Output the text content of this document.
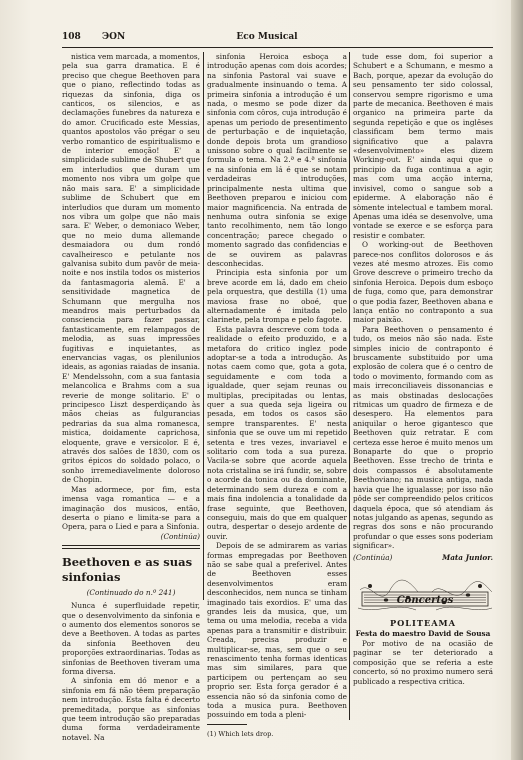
108 ЭОN	Eco Musical

nistica vem marcada, a momentos, pela sua garra dramatica. E é preciso que chegue Beethoven para que o piano, reflectindo todas as riquezas da sinfonia, diga os canticos, os silencios, e as declamações funebres da natureza e do amor. Crucificado este Messias, quantos apostolos vão prégar o seu verbo romantico de espiritualismo e de interior emoção! E' a simplicidade sublime de Shubert que em interludios que duram um momento nos vibra um golpe que não mais sara. E' a simplicidade sublime de Schubert que em interludios que duram um momento nos vibra um golpe que não mais sara. E' Weber, o demoniaco Weber, que no meio duma allemande desmaiadora ou dum rondó cavalheiresco e petulante nos galvanisa subito dum pavôr de meia-noite e nos instila todos os misterios da fantasmagoria alemã. E' a sensitividade magnetica de Schumann que mergulha nos meandros mais perturbados da consciencia para fazer passar, fantasticamente, em relampagos de melodia, as suas impressões fugitivas e inquietantes, as enervancias vagas, os plenilunios ideais, as agonias raiadas de insania. E' Mendelssohn, com a sua fantasia melancolica e Brahms com a sua reverie de monge solitario. E' o principesco Liszt desperdiçando às mãos cheias as fulgurancias pedrarias da sua alma romanesca, mistica, doidamente caprichosa, eloquente, grave e versicolor. E é, através dos salões de 1830, com os gritos épicos do soldado polaco, o sonho irremediavelmente doloroso de Chopin.

Mas adormece, por fim, esta imensa vaga romantica — e a imaginação dos musicos, então, deserta o piano e limita-se para a Opera, para o Lied e para a Sinfonia.

(Continúa)

Beethoven e as suas sinfonias
(Continuado do n.º 241)

Nunca é superfluidade repetir, que o desenvolvimento da sinfonia e o aumento dos elementos sonoros se deve a Beethoven. A todas as partes da sinfonia Beethoven deu proporções extraordinarias. Todas as sinfonias de Beethoven tiveram uma forma diversa.

A sinfonia em dó menor e a sinfonia em fá não têem preparação nem introdução. Esta falta é decerto premeditada, porque as sinfonias que teem introdução são preparadas duma forma verdadeiramente notavel. Na

sinfonia Heroica esboça a introdução apenas com dois acordes; na sinfonia Pastoral vai suave e gradualmente insinuando o tema. A primeira sinfonia a introdução é um nada, o mesmo se pode dizer da sinfonia com côros, cuja introdução é apenas um periodo de presentimento de perturbação e de inquietação, donde depois brota um grandioso unissono sobre o qual facilmente se formula o tema. Na 2.ª e 4.ª sinfonia e na sinfonia em lá é que se notam verdadeiras introduções, principalmente nesta ultima que Beethoven preparou e iniciou com maior magnificencia. Na entrada de nenhuma outra sinfonia se exige tanto recolhimento, nem tão longo concentração; parece chegado o momento sagrado das confidencias e de se ouvirem as palavras desconhecidas.

Principia esta sinfonia por um breve acorde em lá, dado em cheio pela orquestra, que destilla (1) uma maviosa frase no oboé, que alternadamente é imitada pelo clarinete, pela trompa e pelo fagote.

Esta palavra descreve com toda a realidade o efeito produzido, e a metafora do critico inglez pode adoptar-se a toda a introdução. As notas caem como que, gota a gota, seguidamente e com toda a igualdade, quer sejam reunas ou multiplas, precipitadas ou lentas, quer a sua queda seja ligeira ou pesada, em todos os casos são sempre transparentes. E' nesta sinfonia que se ouve um mi repetido setenta e tres vezes, invariavel e solitario com toda a sua pureza. Vacila-se sobre que acorde aquela nota cristalina se irá fundir, se, sobre o acorde da tonica ou da dominante, determinando sem dureza e com a mais fina indolencia a tonalidade da frase seguinte, que Beethoven, conseguiu, mais do que em qualquer outra, despertar o desejo ardente de ouvir.

Depois de se admirarem as varias formas empregadas por Beethoven não se sabe qual a preferivel. Antes de Beethoven esses desenvolvimentos eram desconhecidos, nem nunca se tinham imaginado tais exordios. E' uma das grandes leis da musica, que, um tema ou uma melodia, receba a vida apenas para a transmitir e distribuir. Creada, precisa produzir e multiplicar-se, mas, sem que o seu renascimento tenha formas identicas mas sim similares, para que participem ou pertençam ao seu proprio ser. Esta força gerador é a essencia não só da sinfonia como de toda a musica pura. Beethoven possuindo em toda a pleni-

(1) Which lets drop.

tude esse dom, foi superior a Schubert e a Schumann, e mesmo a Bach, porque, apezar da evolução do seu pensamento ter sido colossal, conservou sempre rigorismo e uma parte de mecanica. Beethoven é mais organico na primeira parte da segunda repetição e que os inglêses classificam bem termo mais significativo que a palavra «desenvolvimento» eles dizem Working-out. E' ainda aqui que o principio da fuga continua a agir, mas com uma acção interna, invisivel, como o sangue sob a epiderme. A elaboração não é sòmente intelectual e tambem moral. Apenas uma idéa se desenvolve, uma vontade se exerce e se esforça para resistir e combater.

O working-out de Beethoven parece-nos conflitos dolorosos e ás vezes até mesmo atrozes. Eis como Grove descreve o primeiro trecho da sinfonia Heroica. Depois dum esboço de fuga, como que, para demonstrar o que podia fazer, Beethoven abana e lança então no contraponto a sua maior paixão.

Para Beethoven o pensamento é tudo, os meios não são nada. Este simples inicio de contraponto é bruscamente substituido por uma explosão de colera que é o centro de todo o movimento, formando com as mais irreconciliaveis dissonancias e as mais obstinadas deslocações ritmicas um quadro de firmeza e de desespero. Ha elementos para aniquilar o heroe gigantesco que Beethoven quiz retratar. E com certeza esse heroe é muito menos um Bonaparte do que o proprio Beethoven. Esse trecho de trinta e dois compassos é absolutamente Beethoviano; na musica antiga, nada havia que lhe igualasse; por isso não pôde ser compreendido pelos criticos daquela época, que só atendiam ás notas julgando as apenas, segundo as regras dos sons e não procurando profundar o que esses sons poderiam significar».

(Continúa)	Mata Junior.
Concertos
POLITEAMA
Festa do maestro David de Sousa

Por motivo de na ocasião de paginar se ter deteriorado a composição que se referia a este concerto, só no proximo numero será publicado a respectiva critica.
